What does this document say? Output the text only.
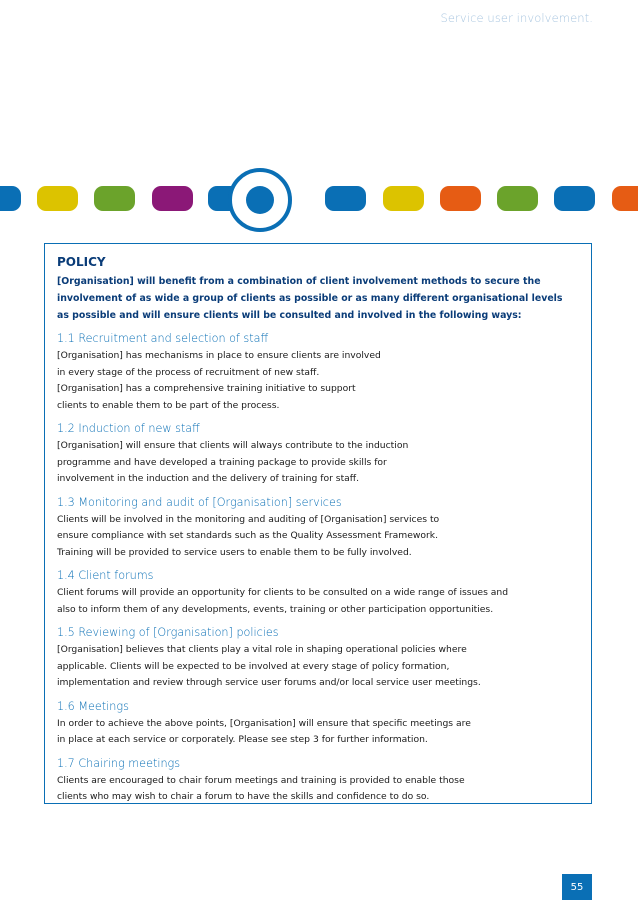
Service user involvement.
POLICY
[Organisation] will benefit from a combination of client involvement methods to secure the
involvement of as wide a group of clients as possible or as many different organisational levels
as possible and will ensure clients will be consulted and involved in the following ways:
1.1 Recruitment and selection of staff
[Organisation] has mechanisms in place to ensure clients are involved
in every stage of the process of recruitment of new staff.
[Organisation] has a comprehensive training initiative to support
clients to enable them to be part of the process.
1.2 Induction of new staff
[Organisation] will ensure that clients will always contribute to the induction
programme and have developed a training package to provide skills for
involvement in the induction and the delivery of training for staff.
1.3 Monitoring and audit of [Organisation] services
Clients will be involved in the monitoring and auditing of [Organisation] services to
ensure compliance with set standards such as the Quality Assessment Framework.
Training will be provided to service users to enable them to be fully involved.
1.4 Client forums
Client forums will provide an opportunity for clients to be consulted on a wide range of issues and
also to inform them of any developments, events, training or other participation opportunities.
1.5 Reviewing of [Organisation] policies
[Organisation] believes that clients play a vital role in shaping operational policies where
applicable. Clients will be expected to be involved at every stage of policy formation,
implementation and review through service user forums and/or local service user meetings.
1.6 Meetings
In order to achieve the above points, [Organisation] will ensure that specific meetings are
in place at each service or corporately. Please see step 3 for further information.
1.7 Chairing meetings
Clients are encouraged to chair forum meetings and training is provided to enable those
clients who may wish to chair a forum to have the skills and confidence to do so.
55
